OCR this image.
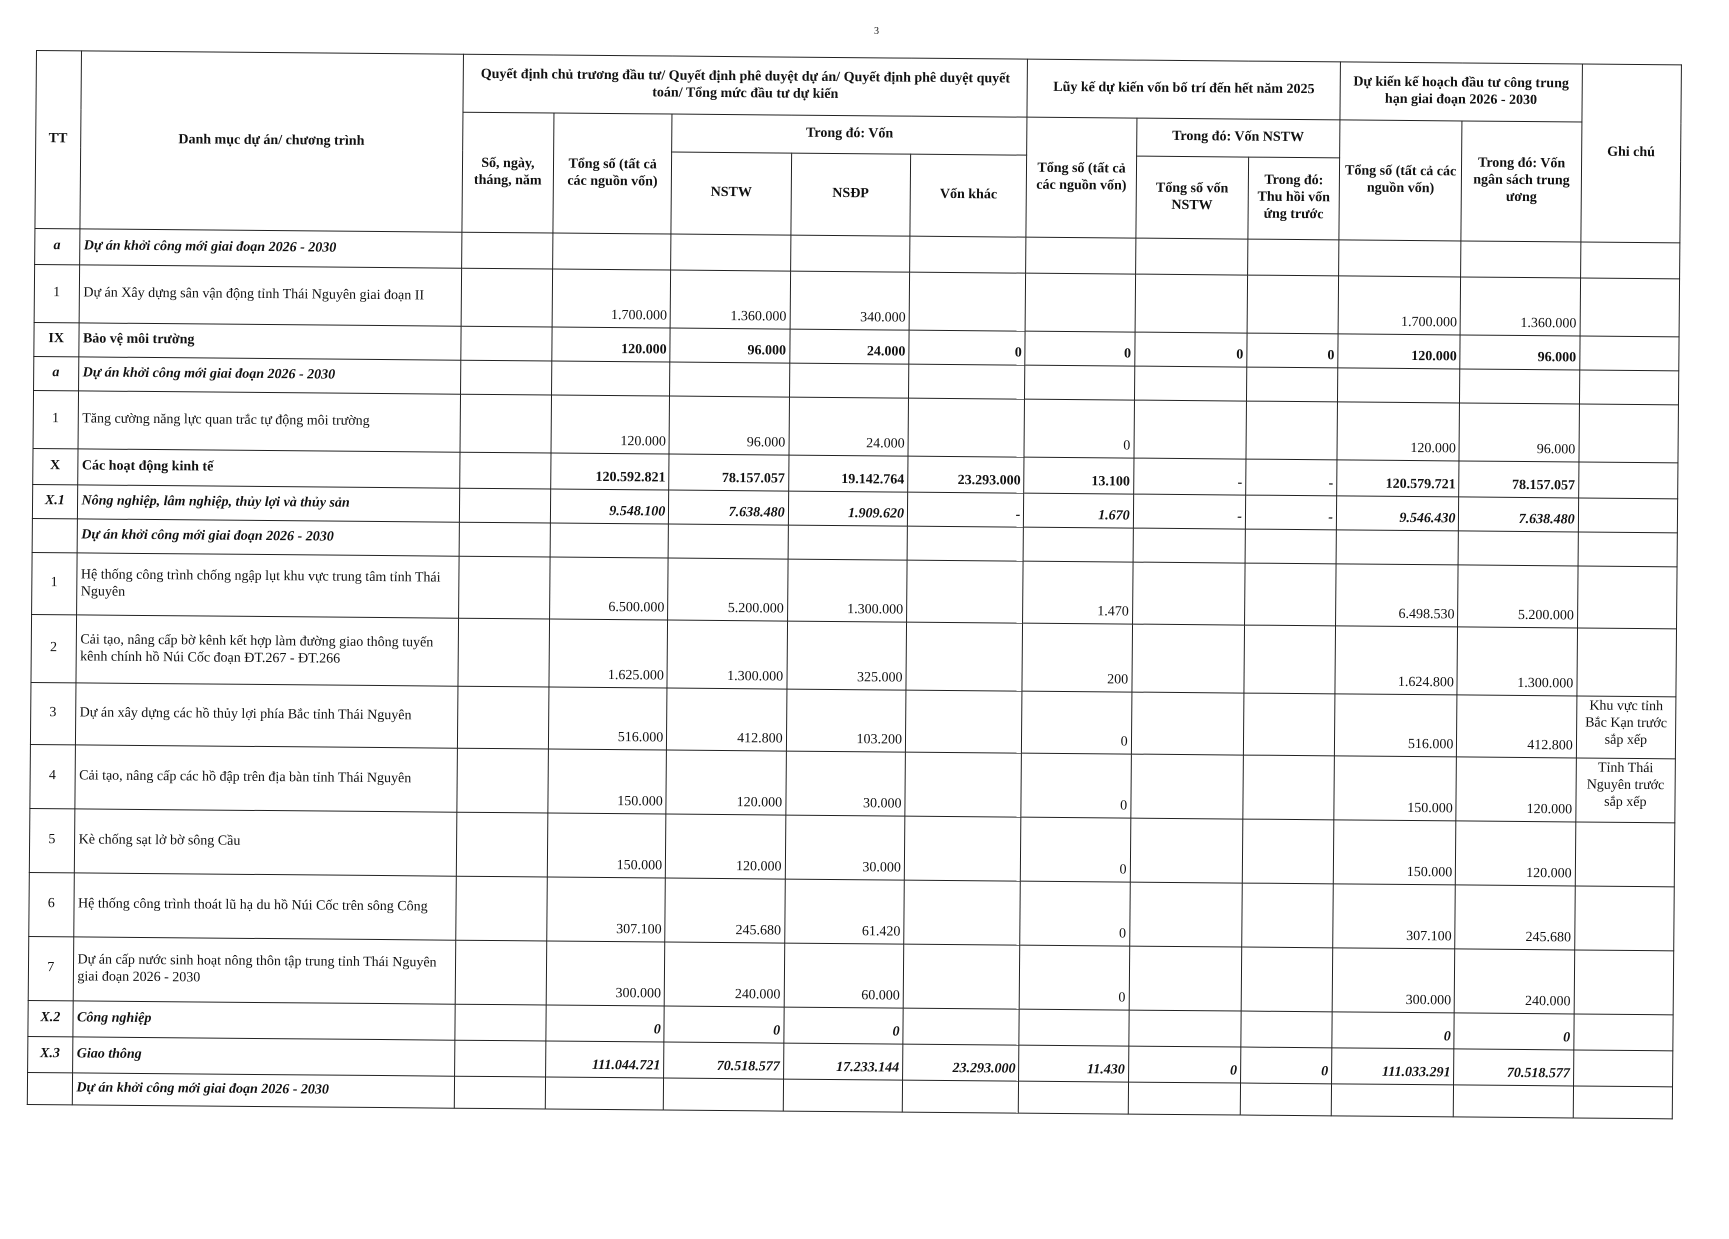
3
TT	Danh mục dự án/ chương trình	Quyết định chủ trương đầu tư/ Quyết định phê duyệt dự án/ Quyết định phê duyệt quyết toán/ Tổng mức đầu tư dự kiến					Lũy kế dự kiến vốn bố trí đến hết năm 2025			Dự kiến kế hoạch đầu tư công trung hạn giai đoạn 2026 - 2030		Ghi chú
		Số, ngày, tháng, năm	Tổng số (tất cả các nguồn vốn)	Trong đó: Vốn			Tổng số (tất cả các nguồn vốn)	Trong đó: Vốn NSTW		Tổng số (tất cả các nguồn vốn)	Trong đó: Vốn ngân sách trung ương	
				NSTW	NSĐP	Vốn khác		Tổng số vốn NSTW	Trong đó: Thu hồi vốn ứng trước			
a	Dự án khởi công mới giai đoạn 2026 - 2030											
1	Dự án Xây dựng sân vận động tỉnh Thái Nguyên giai đoạn II		1.700.000	1.360.000	340.000					1.700.000	1.360.000	
IX	Bảo vệ môi trường		120.000	96.000	24.000	0	0	0	0	120.000	96.000	
a	Dự án khởi công mới giai đoạn 2026 - 2030											
1	Tăng cường năng lực quan trắc tự động môi trường		120.000	96.000	24.000		0			120.000	96.000	
X	Các hoạt động kinh tế		120.592.821	78.157.057	19.142.764	23.293.000	13.100	-	-	120.579.721	78.157.057	
X.1	Nông nghiệp, lâm nghiệp, thủy lợi và thủy sản		9.548.100	7.638.480	1.909.620	-	1.670	-	-	9.546.430	7.638.480	
	Dự án khởi công mới giai đoạn 2026 - 2030											
1	Hệ thống công trình chống ngập lụt khu vực trung tâm tỉnh Thái Nguyên		6.500.000	5.200.000	1.300.000		1.470			6.498.530	5.200.000	
2	Cải tạo, nâng cấp bờ kênh kết hợp làm đường giao thông tuyến kênh chính hồ Núi Cốc đoạn ĐT.267 - ĐT.266		1.625.000	1.300.000	325.000		200			1.624.800	1.300.000	
3	Dự án xây dựng các hồ thủy lợi phía Bắc tỉnh Thái Nguyên		516.000	412.800	103.200		0			516.000	412.800	Khu vực tỉnh Bắc Kạn trước sắp xếp
4	Cải tạo, nâng cấp các hồ đập trên địa bàn tỉnh Thái Nguyên		150.000	120.000	30.000		0			150.000	120.000	Tỉnh Thái Nguyên trước sắp xếp
5	Kè chống sạt lở bờ sông Cầu		150.000	120.000	30.000		0			150.000	120.000	
6	Hệ thống công trình thoát lũ hạ du hồ Núi Cốc trên sông Công		307.100	245.680	61.420		0			307.100	245.680	
7	Dự án cấp nước sinh hoạt nông thôn tập trung tỉnh Thái Nguyên giai đoạn 2026 - 2030		300.000	240.000	60.000		0			300.000	240.000	
X.2	Công nghiệp		0	0	0					0	0	
X.3	Giao thông		111.044.721	70.518.577	17.233.144	23.293.000	11.430	0	0	111.033.291	70.518.577	
	Dự án khởi công mới giai đoạn 2026 - 2030											
